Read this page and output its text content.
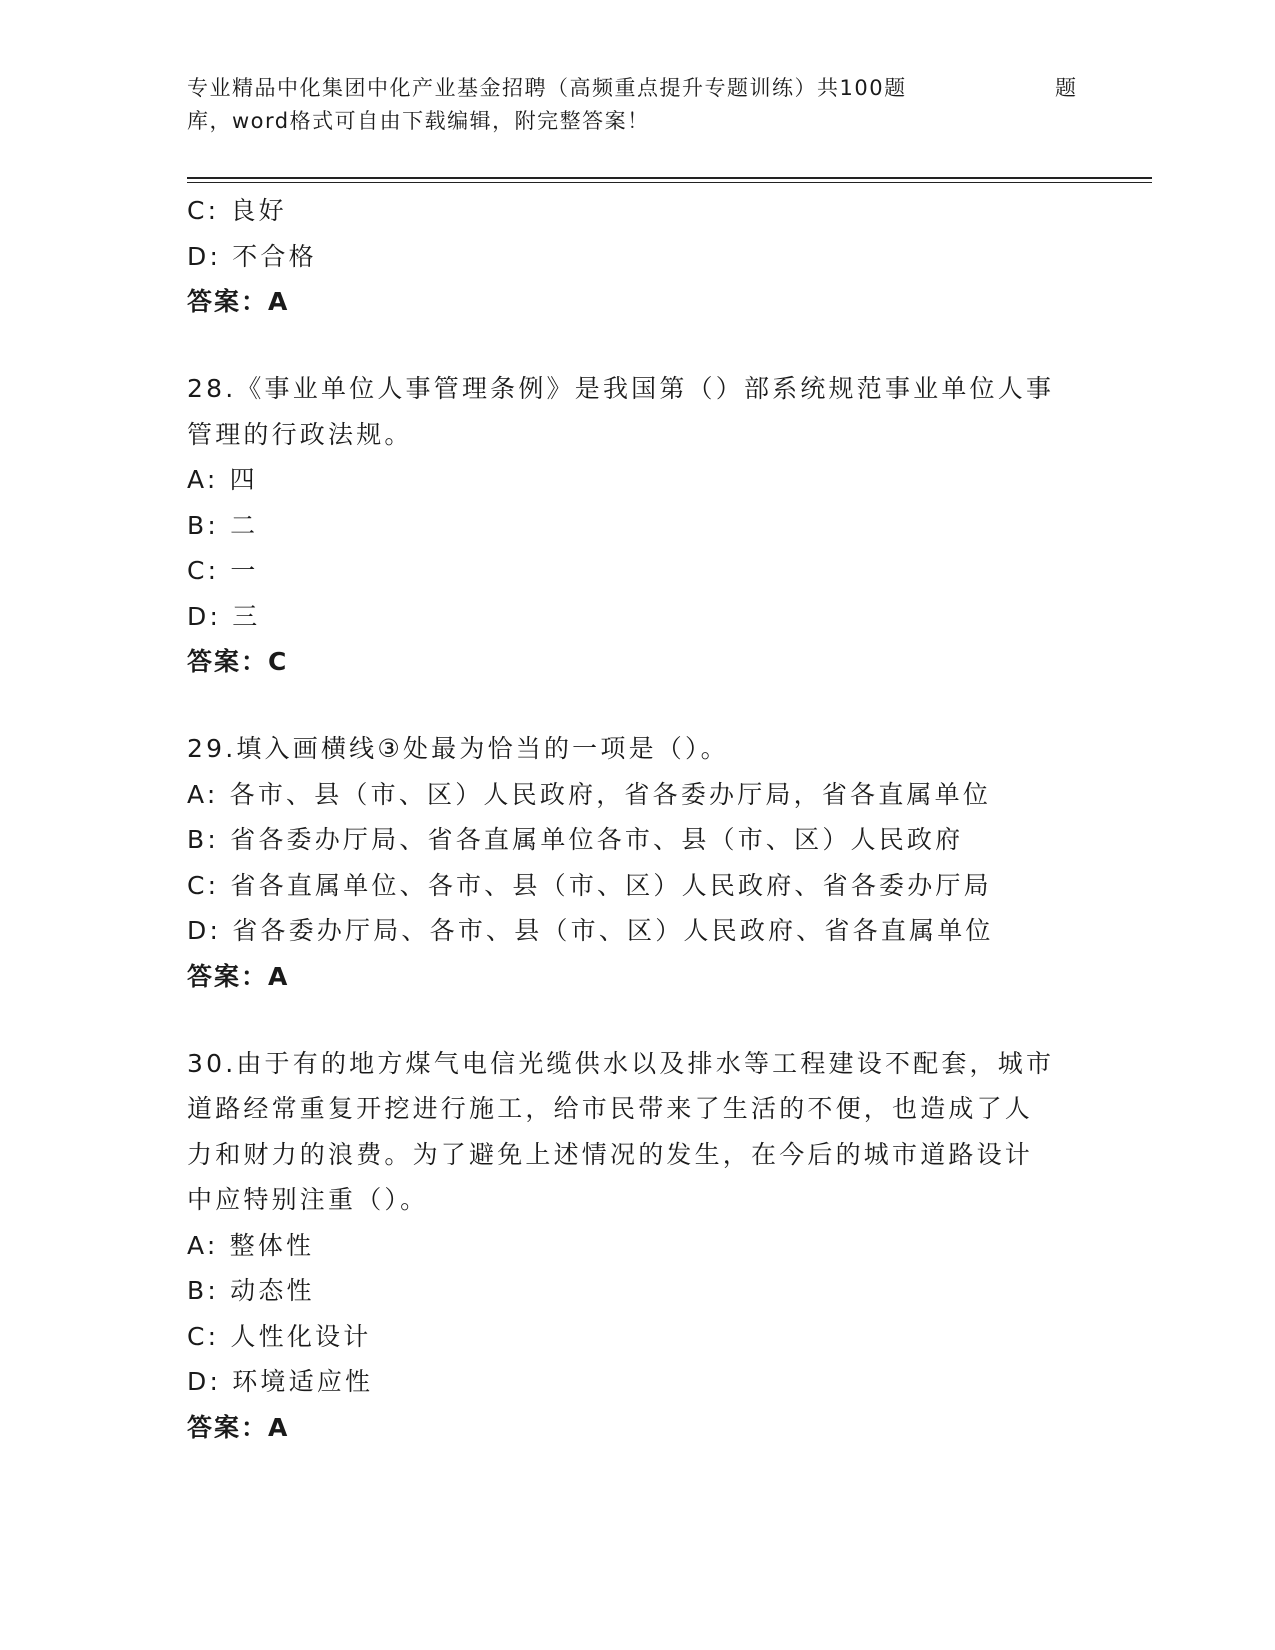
专业精品中化集团中化产业基金招聘（高频重点提升专题训练）共100题
库，word格式可自由下载编辑，附完整答案！
题
C: 良好
D: 不合格
答案：A
28.《事业单位人事管理条例》是我国第（）部系统规范事业单位人事
管理的行政法规。
A: 四
B: 二
C: 一
D: 三
答案：C
29.填入画横线③处最为恰当的一项是（）。
A: 各市、县（市、区）人民政府，省各委办厅局，省各直属单位
B: 省各委办厅局、省各直属单位各市、县（市、区）人民政府
C: 省各直属单位、各市、县（市、区）人民政府、省各委办厅局
D: 省各委办厅局、各市、县（市、区）人民政府、省各直属单位
答案：A
30.由于有的地方煤气电信光缆供水以及排水等工程建设不配套，城市
道路经常重复开挖进行施工，给市民带来了生活的不便，也造成了人
力和财力的浪费。为了避免上述情况的发生，在今后的城市道路设计
中应特别注重（）。
A: 整体性
B: 动态性
C: 人性化设计
D: 环境适应性
答案：A
